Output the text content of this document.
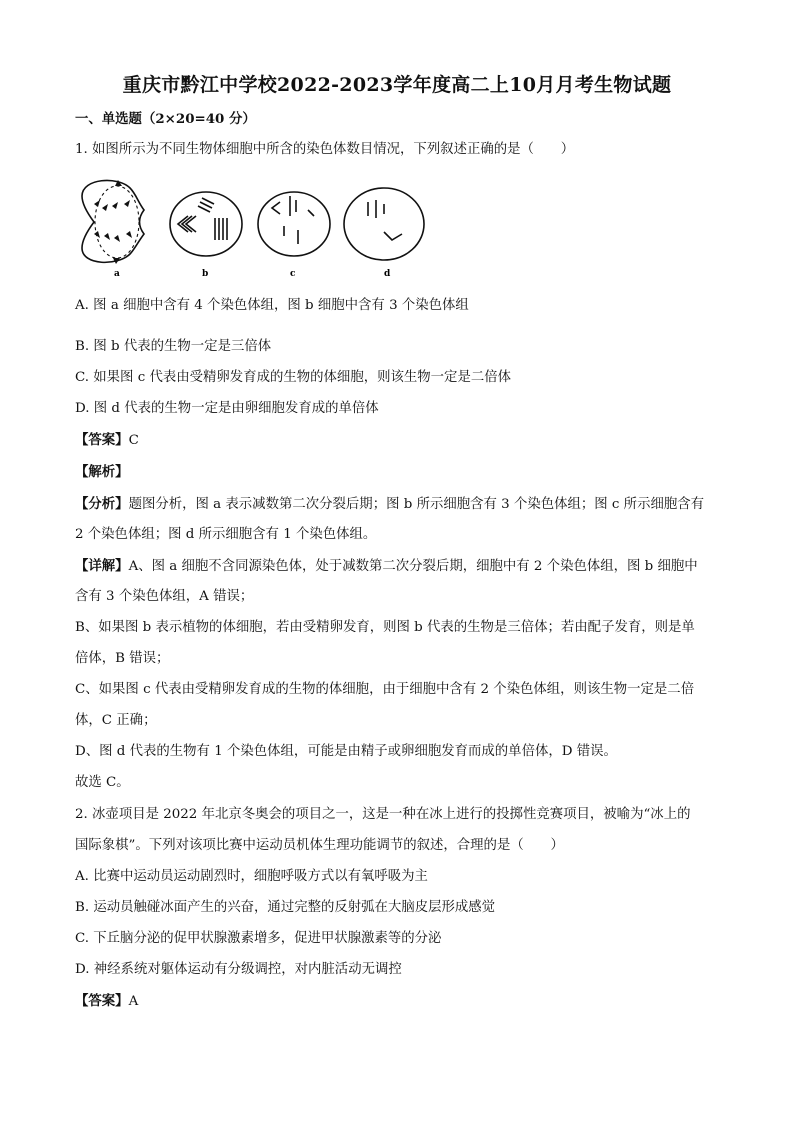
重庆市黔江中学校2022-2023学年度高二上10月月考生物试题
一、单选题（2×20=40 分）
1. 如图所示为不同生物体细胞中所含的染色体数目情况，下列叙述正确的是（　　）
a	b	c	d
A. 图 a 细胞中含有 4 个染色体组，图 b 细胞中含有 3 个染色体组
B. 图 b 代表的生物一定是三倍体
C. 如果图 c 代表由受精卵发育成的生物的体细胞，则该生物一定是二倍体
D. 图 d 代表的生物一定是由卵细胞发育成的单倍体
【答案】C
【解析】
【分析】题图分析，图 a 表示减数第二次分裂后期；图 b 所示细胞含有 3 个染色体组；图 c 所示细胞含有
2 个染色体组；图 d 所示细胞含有 1 个染色体组。
【详解】A、图 a 细胞不含同源染色体，处于减数第二次分裂后期，细胞中有 2 个染色体组，图 b 细胞中
含有 3 个染色体组，A 错误；
B、如果图 b 表示植物的体细胞，若由受精卵发育，则图 b 代表的生物是三倍体；若由配子发育，则是单
倍体，B 错误；
C、如果图 c 代表由受精卵发育成的生物的体细胞，由于细胞中含有 2 个染色体组，则该生物一定是二倍
体，C 正确；
D、图 d 代表的生物有 1 个染色体组，可能是由精子或卵细胞发育而成的单倍体，D 错误。
故选 C。
2. 冰壶项目是 2022 年北京冬奥会的项目之一，这是一种在冰上进行的投掷性竞赛项目，被喻为“冰上的
国际象棋”。下列对该项比赛中运动员机体生理功能调节的叙述，合理的是（　　）
A. 比赛中运动员运动剧烈时，细胞呼吸方式以有氧呼吸为主
B. 运动员触碰冰面产生的兴奋，通过完整的反射弧在大脑皮层形成感觉
C. 下丘脑分泌的促甲状腺激素增多，促进甲状腺激素等的分泌
D. 神经系统对躯体运动有分级调控，对内脏活动无调控
【答案】A
